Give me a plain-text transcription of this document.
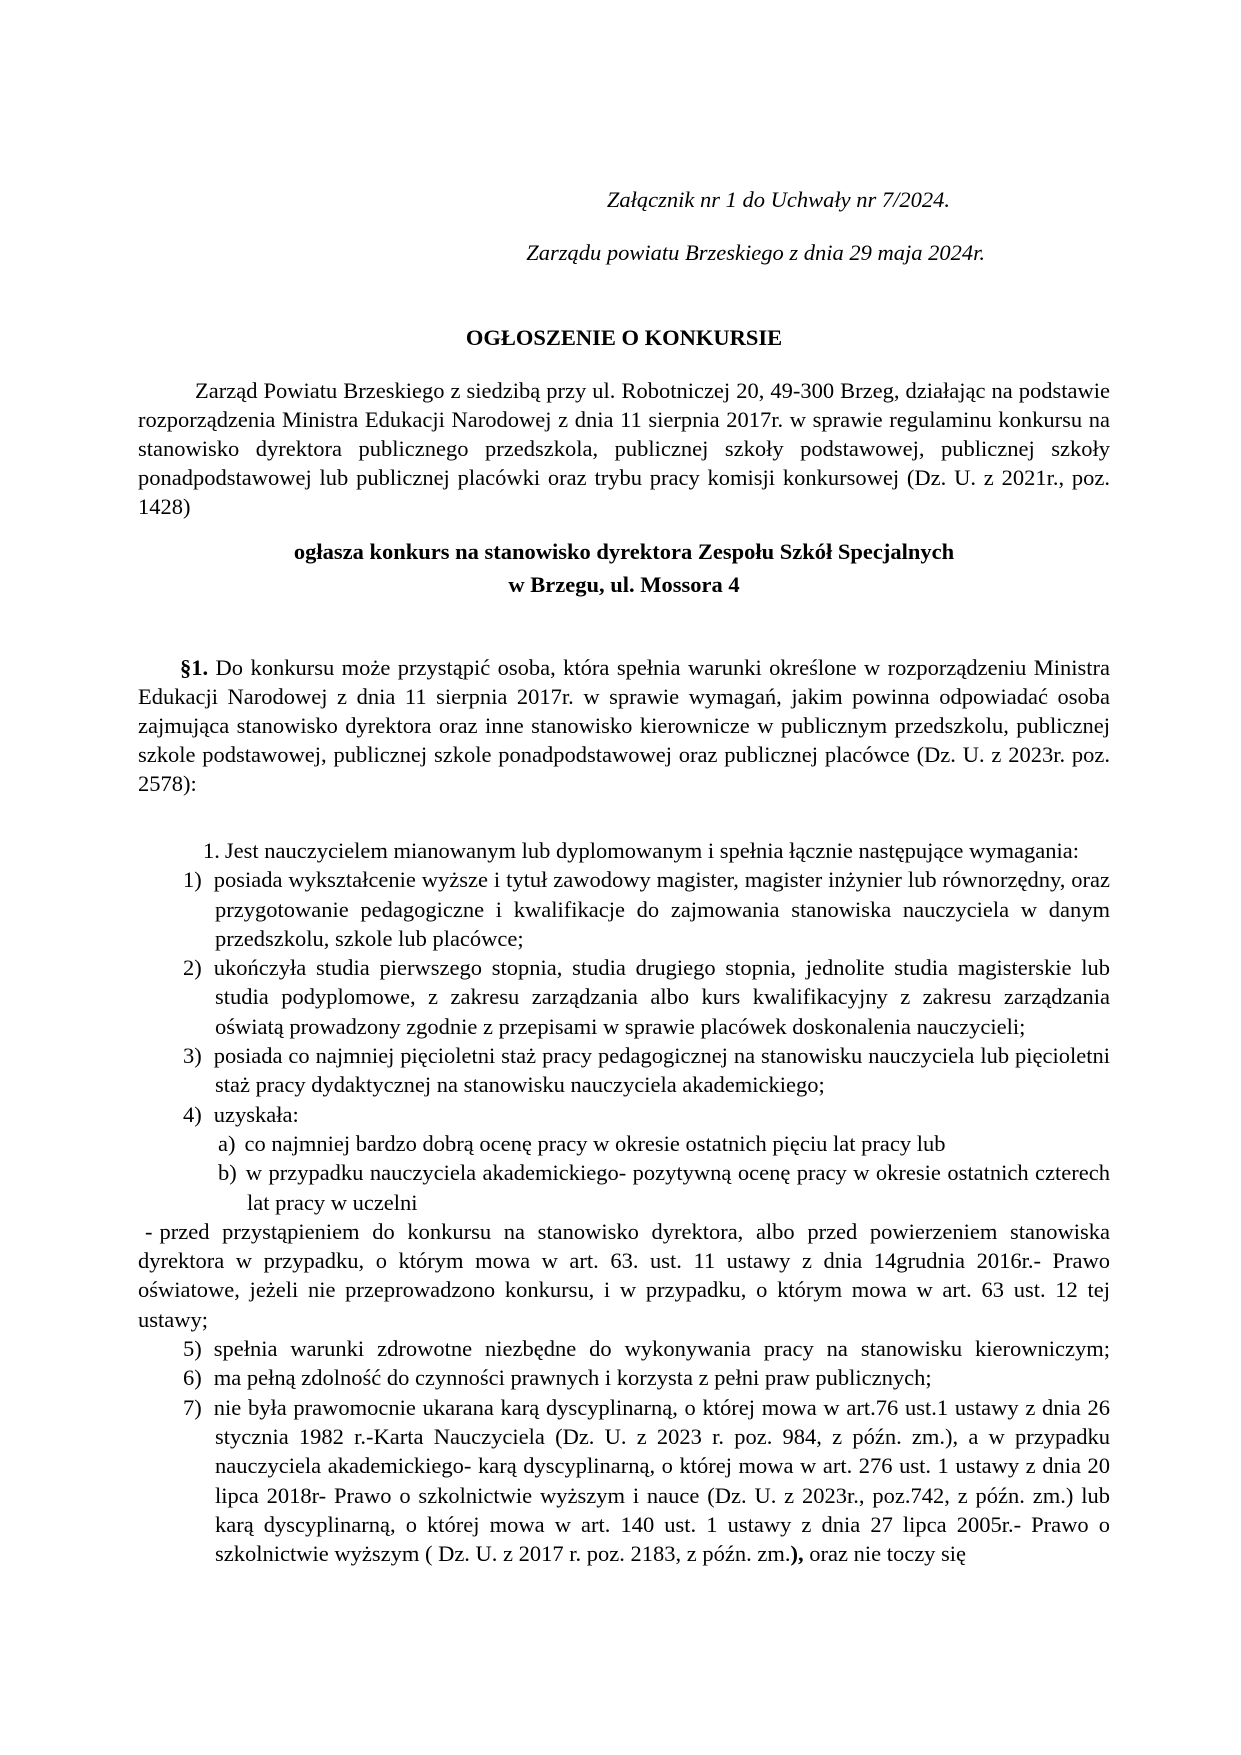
Załącznik nr 1 do Uchwały nr 7/2024.
Zarządu powiatu Brzeskiego z dnia 29 maja 2024r.
OGŁOSZENIE O KONKURSIE

Zarząd Powiatu Brzeskiego z siedzibą przy ul. Robotniczej 20, 49-300 Brzeg, działając na podstawie rozporządzenia Ministra Edukacji Narodowej z dnia 11 sierpnia 2017r. w sprawie regulaminu konkursu na stanowisko dyrektora publicznego przedszkola, publicznej szkoły podstawowej, publicznej szkoły ponadpodstawowej lub publicznej placówki oraz trybu pracy komisji konkursowej (Dz. U. z 2021r., poz. 1428)

ogłasza konkurs na stanowisko dyrektora Zespołu Szkół Specjalnych
w Brzegu, ul. Mossora 4

§1. Do konkursu może przystąpić osoba, która spełnia warunki określone w rozporządzeniu Ministra Edukacji Narodowej z dnia 11 sierpnia 2017r. w sprawie wymagań, jakim powinna odpowiadać osoba zajmująca stanowisko dyrektora oraz inne stanowisko kierownicze w publicznym przedszkolu, publicznej szkole podstawowej, publicznej szkole ponadpodstawowej oraz publicznej placówce (Dz. U. z 2023r. poz. 2578):

1. Jest nauczycielem mianowanym lub dyplomowanym i spełnia łącznie następujące wymagania:
1) posiada wykształcenie wyższe i tytuł zawodowy magister, magister inżynier lub równorzędny, oraz przygotowanie pedagogiczne i kwalifikacje do zajmowania stanowiska nauczyciela w danym przedszkolu, szkole lub placówce;
2) ukończyła studia pierwszego stopnia, studia drugiego stopnia, jednolite studia magisterskie lub studia podyplomowe, z zakresu zarządzania albo kurs kwalifikacyjny z zakresu zarządzania oświatą prowadzony zgodnie z przepisami w sprawie placówek doskonalenia nauczycieli;
3) posiada co najmniej pięcioletni staż pracy pedagogicznej na stanowisku nauczyciela lub pięcioletni staż pracy dydaktycznej na stanowisku nauczyciela akademickiego;
4) uzyskała:
a) co najmniej bardzo dobrą ocenę pracy w okresie ostatnich pięciu lat pracy lub
b) w przypadku nauczyciela akademickiego- pozytywną ocenę pracy w okresie ostatnich czterech lat pracy w uczelni
- przed przystąpieniem do konkursu na stanowisko dyrektora, albo przed powierzeniem stanowiska dyrektora w przypadku, o którym mowa w art. 63. ust. 11 ustawy z dnia 14grudnia 2016r.- Prawo oświatowe, jeżeli nie przeprowadzono konkursu, i w przypadku, o którym mowa w art. 63 ust. 12 tej ustawy;
5) spełnia warunki zdrowotne niezbędne do wykonywania pracy na stanowisku kierowniczym;
6) ma pełną zdolność do czynności prawnych i korzysta z pełni praw publicznych;
7) nie była prawomocnie ukarana karą dyscyplinarną, o której mowa w art.76 ust.1 ustawy z dnia 26 stycznia 1982 r.-Karta Nauczyciela (Dz. U. z 2023 r. poz. 984, z późn. zm.), a w przypadku nauczyciela akademickiego- karą dyscyplinarną, o której mowa w art. 276 ust. 1 ustawy z dnia 20 lipca 2018r- Prawo o szkolnictwie wyższym i nauce (Dz. U. z 2023r., poz.742, z późn. zm.) lub karą dyscyplinarną, o której mowa w art. 140 ust. 1 ustawy z dnia 27 lipca 2005r.- Prawo o szkolnictwie wyższym ( Dz. U. z 2017 r. poz. 2183, z późn. zm.), oraz nie toczy się
